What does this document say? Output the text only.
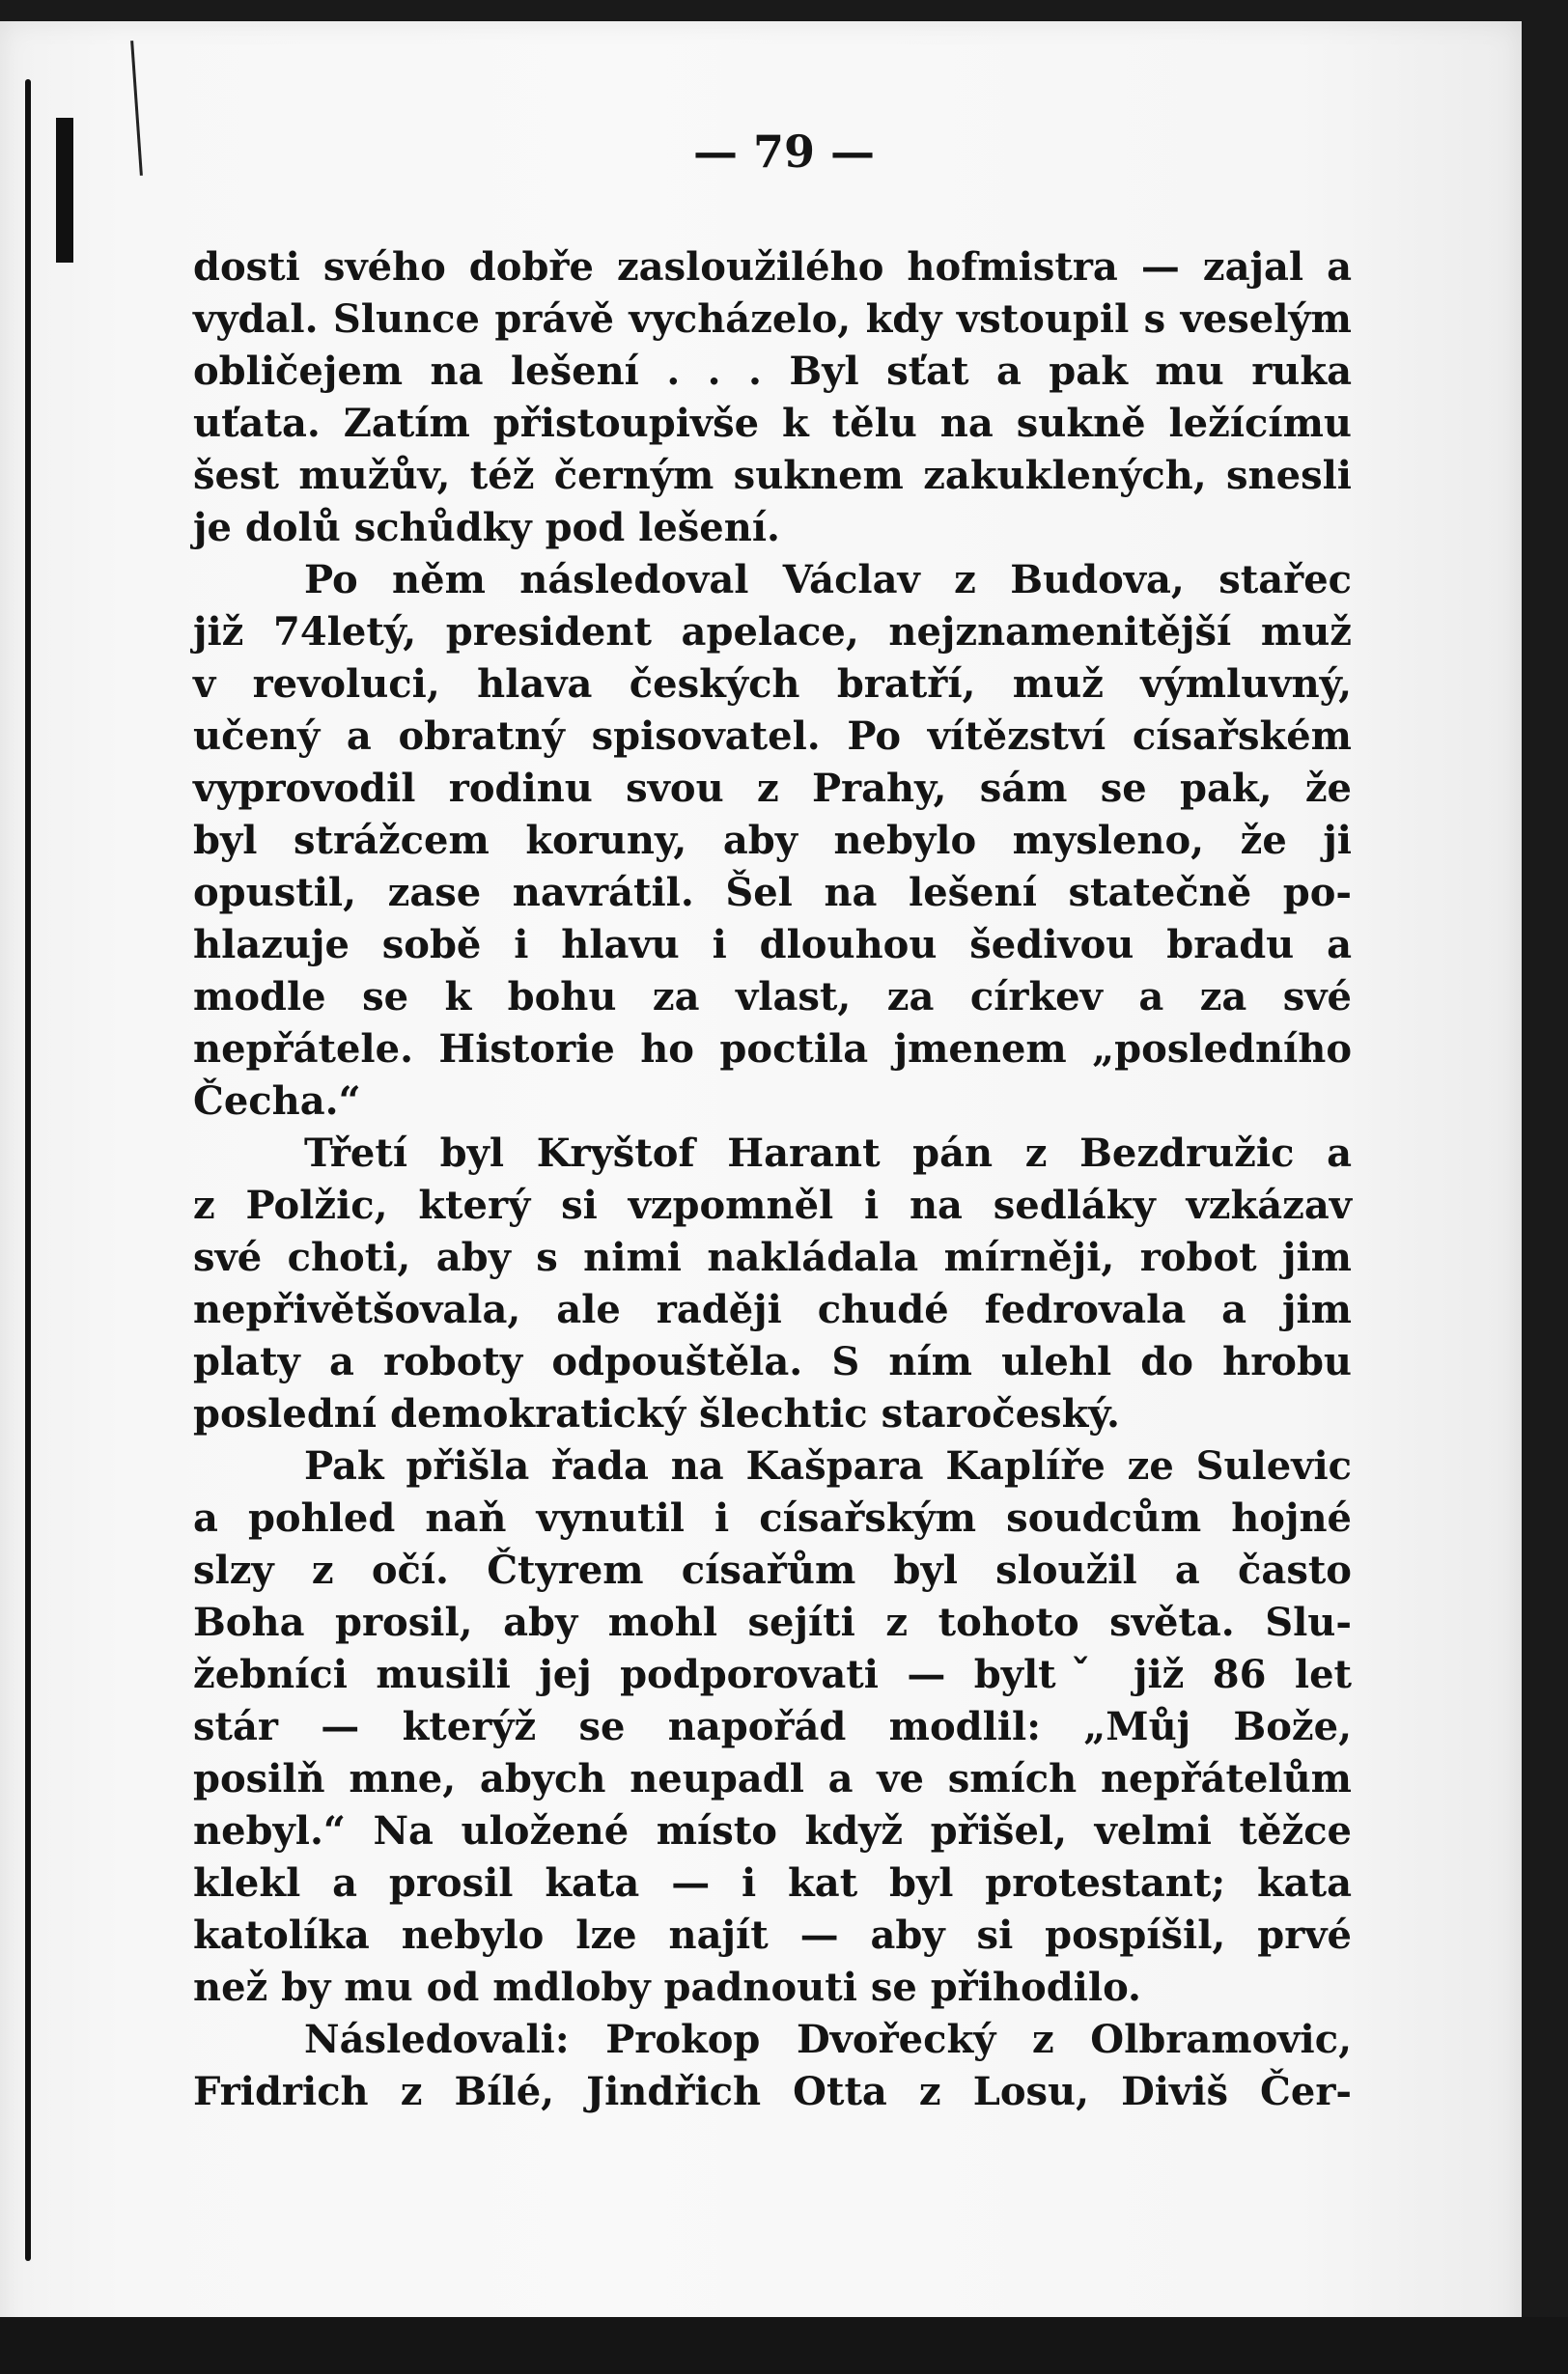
— 79 —
dosti svého dobře zasloužilého hofmistra — zajal a
vydal. Slunce právě vycházelo, kdy vstoupil s veselým
obličejem na lešení . . . Byl sťat a pak mu ruka
uťata. Zatím přistoupivše k tělu na sukně ležícímu
šest mužův, též černým suknem zakuklených, snesli
je dolů schůdky pod lešení.
Po něm následoval Václav z Budova, stařec
již 74letý, president apelace, nejznamenitější muž
v revoluci, hlava českých bratří, muž výmluvný,
učený a obratný spisovatel. Po vítězství císařském
vyprovodil rodinu svou z Prahy, sám se pak, že
byl strážcem koruny, aby nebylo mysleno, že ji
opustil, zase navrátil. Šel na lešení statečně po-
hlazuje sobě i hlavu i dlouhou šedivou bradu a
modle se k bohu za vlast, za církev a za své
nepřátele. Historie ho poctila jmenem „posledního
Čecha.“
Třetí byl Kryštof Harant pán z Bezdružic a
z Polžic, který si vzpomněl i na sedláky vzkázav
své choti, aby s nimi nakládala mírněji, robot jim
nepřivětšovala, ale raději chudé fedrovala a jim
platy a roboty odpouštěla. S ním ulehl do hrobu
poslední demokratický šlechtic staročeský.
Pak přišla řada na Kašpara Kaplíře ze Sulevic
a pohled naň vynutil i císařským soudcům hojné
slzy z očí. Čtyrem císařům byl sloužil a často
Boha prosil, aby mohl sejíti z tohoto světa. Slu-
žebníci musili jej podporovati — byltˇ již 86 let
stár — kterýž se napořád modlil: „Můj Bože,
posilň mne, abych neupadl a ve smích nepřátelům
nebyl.“ Na uložené místo když přišel, velmi těžce
klekl a prosil kata — i kat byl protestant; kata
katolíka nebylo lze najít — aby si pospíšil, prvé
než by mu od mdloby padnouti se přihodilo.
Následovali: Prokop Dvořecký z Olbramovic,
Fridrich z Bílé, Jindřich Otta z Losu, Diviš Čer-
